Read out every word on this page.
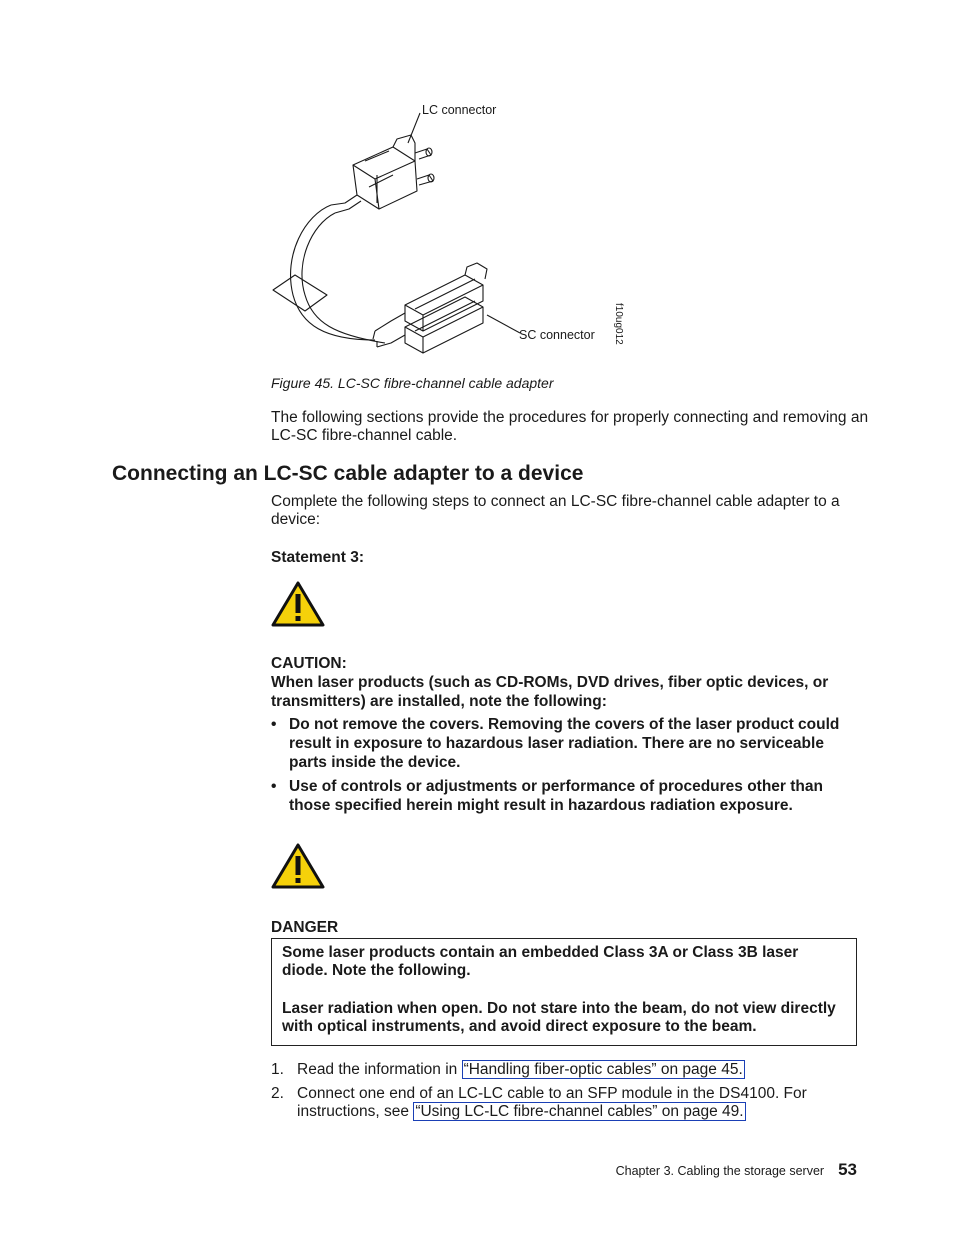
LC connector
SC connector f10ug012
Figure 45. LC-SC fibre-channel cable adapter
The following sections provide the procedures for properly connecting and removing an LC-SC fibre-channel cable.
Connecting an LC-SC cable adapter to a device
Complete the following steps to connect an LC-SC fibre-channel cable adapter to a device:
Statement 3:
CAUTION:
When laser products (such as CD-ROMs, DVD drives, fiber optic devices, or transmitters) are installed, note the following:
• Do not remove the covers. Removing the covers of the laser product could result in exposure to hazardous laser radiation. There are no serviceable parts inside the device.
• Use of controls or adjustments or performance of procedures other than those specified herein might result in hazardous radiation exposure.
DANGER

Some laser products contain an embedded Class 3A or Class 3B laser diode. Note the following.

Laser radiation when open. Do not stare into the beam, do not view directly with optical instruments, and avoid direct exposure to the beam.

1. Read the information in “Handling fiber-optic cables” on page 45.
2. Connect one end of an LC-LC cable to an SFP module in the DS4100. For instructions, see “Using LC-LC fibre-channel cables” on page 49.
Chapter 3. Cabling the storage server 53
